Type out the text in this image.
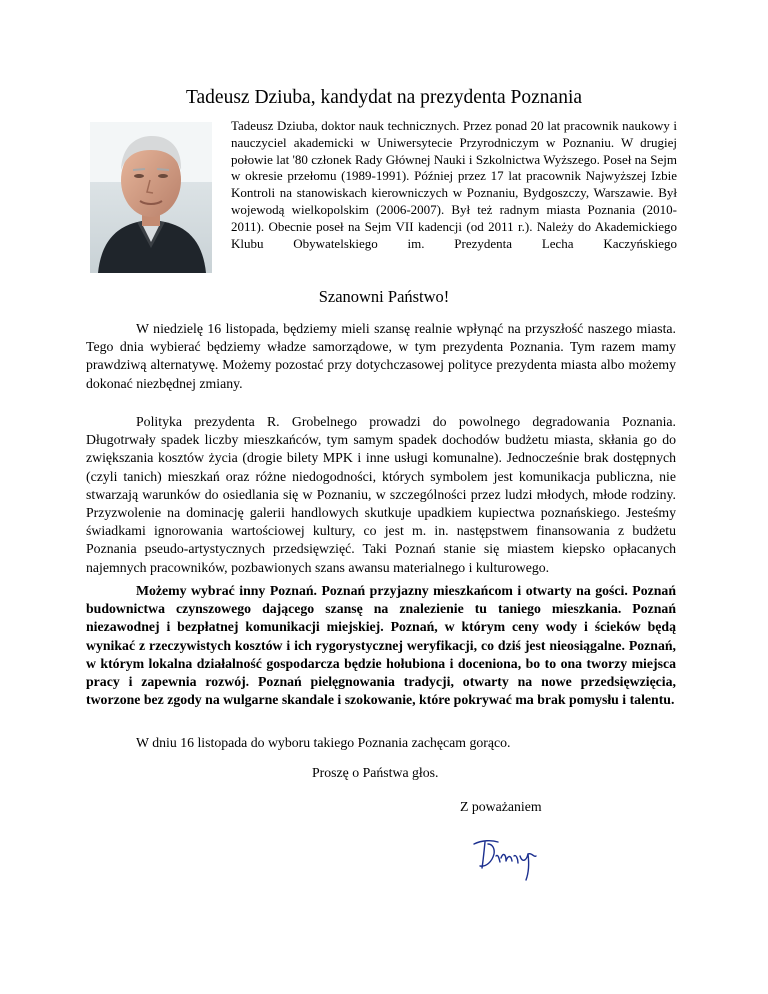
Tadeusz Dziuba, kandydat na prezydenta Poznania
Tadeusz Dziuba, doktor nauk technicznych. Przez ponad 20 lat pracownik naukowy i nauczyciel akademicki w Uniwersytecie Przyrodniczym w Poznaniu. W drugiej połowie lat '80 członek Rady Głównej Nauki i Szkolnictwa Wyższego. Poseł na Sejm w okresie przełomu (1989-1991). Później przez 17 lat pracownik Najwyższej Izbie Kontroli na stanowiskach kierowniczych w Poznaniu, Bydgoszczy, Warszawie. Był wojewodą wielkopolskim (2006-2007). Był też radnym miasta Poznania (2010-2011). Obecnie poseł na Sejm VII kadencji (od 2011 r.). Należy do Akademickiego Klubu Obywatelskiego im. Prezydenta Lecha Kaczyńskiego
Szanowni Państwo!

W niedzielę 16 listopada, będziemy mieli szansę realnie wpłynąć na przyszłość naszego miasta. Tego dnia wybierać będziemy władze samorządowe, w tym prezydenta Poznania. Tym razem mamy prawdziwą alternatywę. Możemy pozostać przy dotychczasowej polityce prezydenta miasta albo możemy dokonać niezbędnej zmiany.

Polityka prezydenta R. Grobelnego prowadzi do powolnego degradowania Poznania. Długotrwały spadek liczby mieszkańców, tym samym spadek dochodów budżetu miasta, skłania go do zwiększania kosztów życia (drogie bilety MPK i inne usługi komunalne). Jednocześnie brak dostępnych (czyli tanich) mieszkań oraz różne niedogodności, których symbolem jest komunikacja publiczna, nie stwarzają warunków do osiedlania się w Poznaniu, w szczególności przez ludzi młodych, młode rodziny. Przyzwolenie na dominację galerii handlowych skutkuje upadkiem kupiectwa poznańskiego. Jesteśmy świadkami ignorowania wartościowej kultury, co jest m. in. następstwem finansowania z budżetu Poznania pseudo-artystycznych przedsięwzięć. Taki Poznań stanie się miastem kiepsko opłacanych najemnych pracowników, pozbawionych szans awansu materialnego i kulturowego.

Możemy wybrać inny Poznań. Poznań przyjazny mieszkańcom i otwarty na gości. Poznań budownictwa czynszowego dającego szansę na znalezienie tu taniego mieszkania. Poznań niezawodnej i bezpłatnej komunikacji miejskiej. Poznań, w którym ceny wody i ścieków będą wynikać z rzeczywistych kosztów i ich rygorystycznej weryfikacji, co dziś jest nieosiągalne. Poznań, w którym lokalna działalność gospodarcza będzie hołubiona i doceniona, bo to ona tworzy miejsca pracy i zapewnia rozwój. Poznań pielęgnowania tradycji, otwarty na nowe przedsięwzięcia, tworzone bez zgody na wulgarne skandale i szokowanie, które pokrywać ma brak pomysłu i talentu.

W dniu 16 listopada do wyboru takiego Poznania zachęcam gorąco.
Proszę o Państwa głos.
Z poważaniem
